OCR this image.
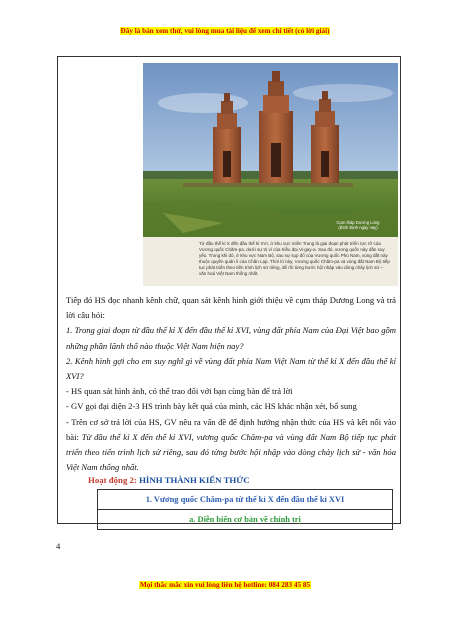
Đây là bản xem thử, vui lòng mua tài liệu để xem chi tiết (có lời giải)
Cụm tháp Dương Long
(Bình Định ngày nay)
Từ đầu thế kỉ X đến đầu thế kỉ XVI, ở khu vực miền Trung là giai đoạn phát triển rực rỡ của Vương quốc Chăm-pa, dưới sự trị vì của triều đại Vi-gay-a. Sau đó, vương quốc này dần suy yếu. Trong khi đó, ở khu vực Nam Bộ, sau sự sụp đổ của Vương quốc Phù Nam, vùng đất này thuộc quyền quản lí của Chân Lạp. Thời kì này, Vương quốc Chăm-pa và vùng đất Nam Bộ tiếp tục phát triển theo tiến trình lịch sử riêng, để rồi từng bước hội nhập vào dòng chảy lịch sử – văn hoá Việt Nam thống nhất.

Tiếp đó HS đọc nhanh kênh chữ, quan sát kênh hình giới thiệu về cụm tháp Dương Long và trả lời câu hỏi:

1. Trong giai đoạn từ đầu thế kỉ X đến đầu thế kỉ XVI, vùng đất phía Nam của Đại Việt bao gồm những phần lãnh thổ nào thuộc Việt Nam hiện nay?

2. Kênh hình gợi cho em suy nghĩ gì về vùng đất phía Nam Việt Nam từ thế kỉ X đến đầu thế kỉ XVI?

- HS quan sát hình ảnh, có thể trao đổi với bạn cùng bàn để trả lời

- GV gọi đại diện 2-3 HS trình bày kết quả của mình, các HS khác nhận xét, bổ sung

- Trên cơ sở trả lời của HS, GV nêu ra vấn đề để định hướng nhận thức của HS và kết nối vào bài: Từ đầu thế kỉ X đến thế kỉ XVI, vương quốc Chăm-pa và vùng đất Nam Bộ tiếp tục phát triển theo tiến trình lịch sử riêng, sau đó từng bước hội nhập vào dòng chảy lịch sử - văn hóa Việt Nam thống nhất.

Hoạt động 2: HÌNH THÀNH KIẾN THỨC
1. Vương quốc Chăm-pa từ thế kỉ X đến đầu thế kỉ XVI
a. Diễn biến cơ bản về chính trị
4
Mọi thắc mắc xin vui lòng liên hệ hotline: 084 283 45 85
